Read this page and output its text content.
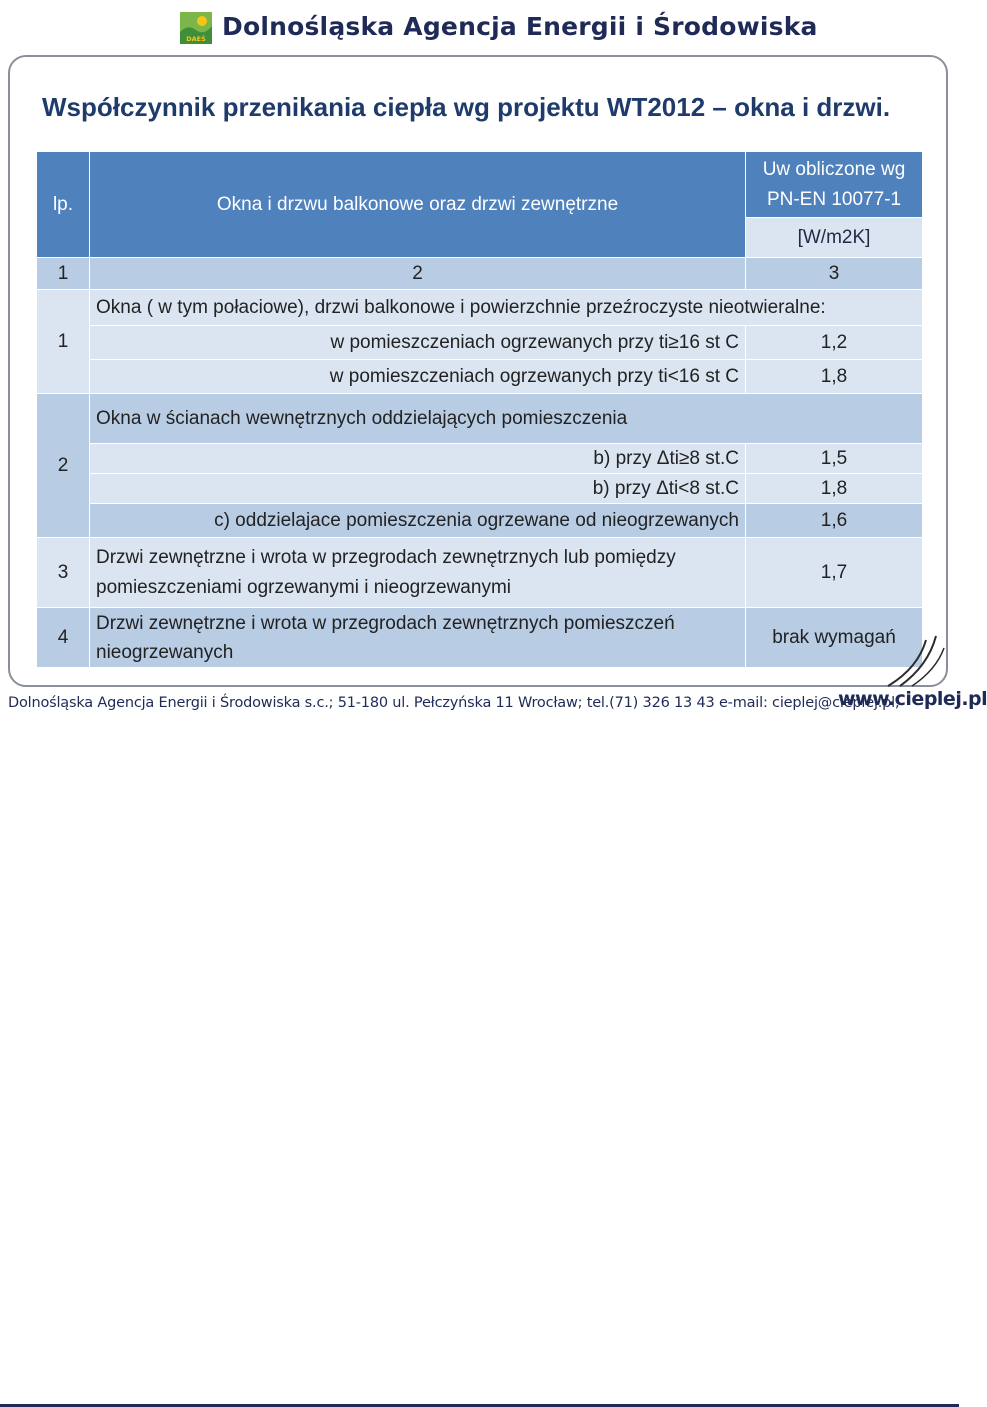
DAEŚ Dolnośląska Agencja Energii i Środowiska
Współczynnik przenikania ciepła wg projektu WT2012 – okna i drzwi.
lp.	Okna i drzwu balkonowe oraz drzwi zewnętrzne	Uw obliczone wg
PN-EN 10077-1

		[W/m2K]
1	2	3
1	Okna ( w tym połaciowe), drzwi balkonowe i powierzchnie przeźroczyste nieotwieralne:	
	w pomieszczeniach ogrzewanych przy ti≥16 st C	1,2
	w pomieszczeniach ogrzewanych przy ti<16 st C	1,8
2	Okna w ścianach wewnętrznych oddzielających pomieszczenia	
	b) przy Δti≥8 st.C	1,5
	b) przy Δti<8 st.C	1,8
	c) oddzielajace pomieszczenia ogrzewane od nieogrzewanych	1,6
3	Drzwi zewnętrzne i wrota w przegrodach zewnętrznych lub pomiędzy
pomieszczeniami ogrzewanymi i nieogrzewanymi	1,7
4	Drzwi zewnętrzne i wrota w przegrodach zewnętrznych pomieszczeń
nieogrzewanych	brak wymagań
Dolnośląska Agencja Energii i Środowiska s.c.; 51-180 ul. Pełczyńska 11 Wrocław; tel.(71) 326 13 43 e-mail: cieplej@cieplej.pl;
www.cieplej.pl
